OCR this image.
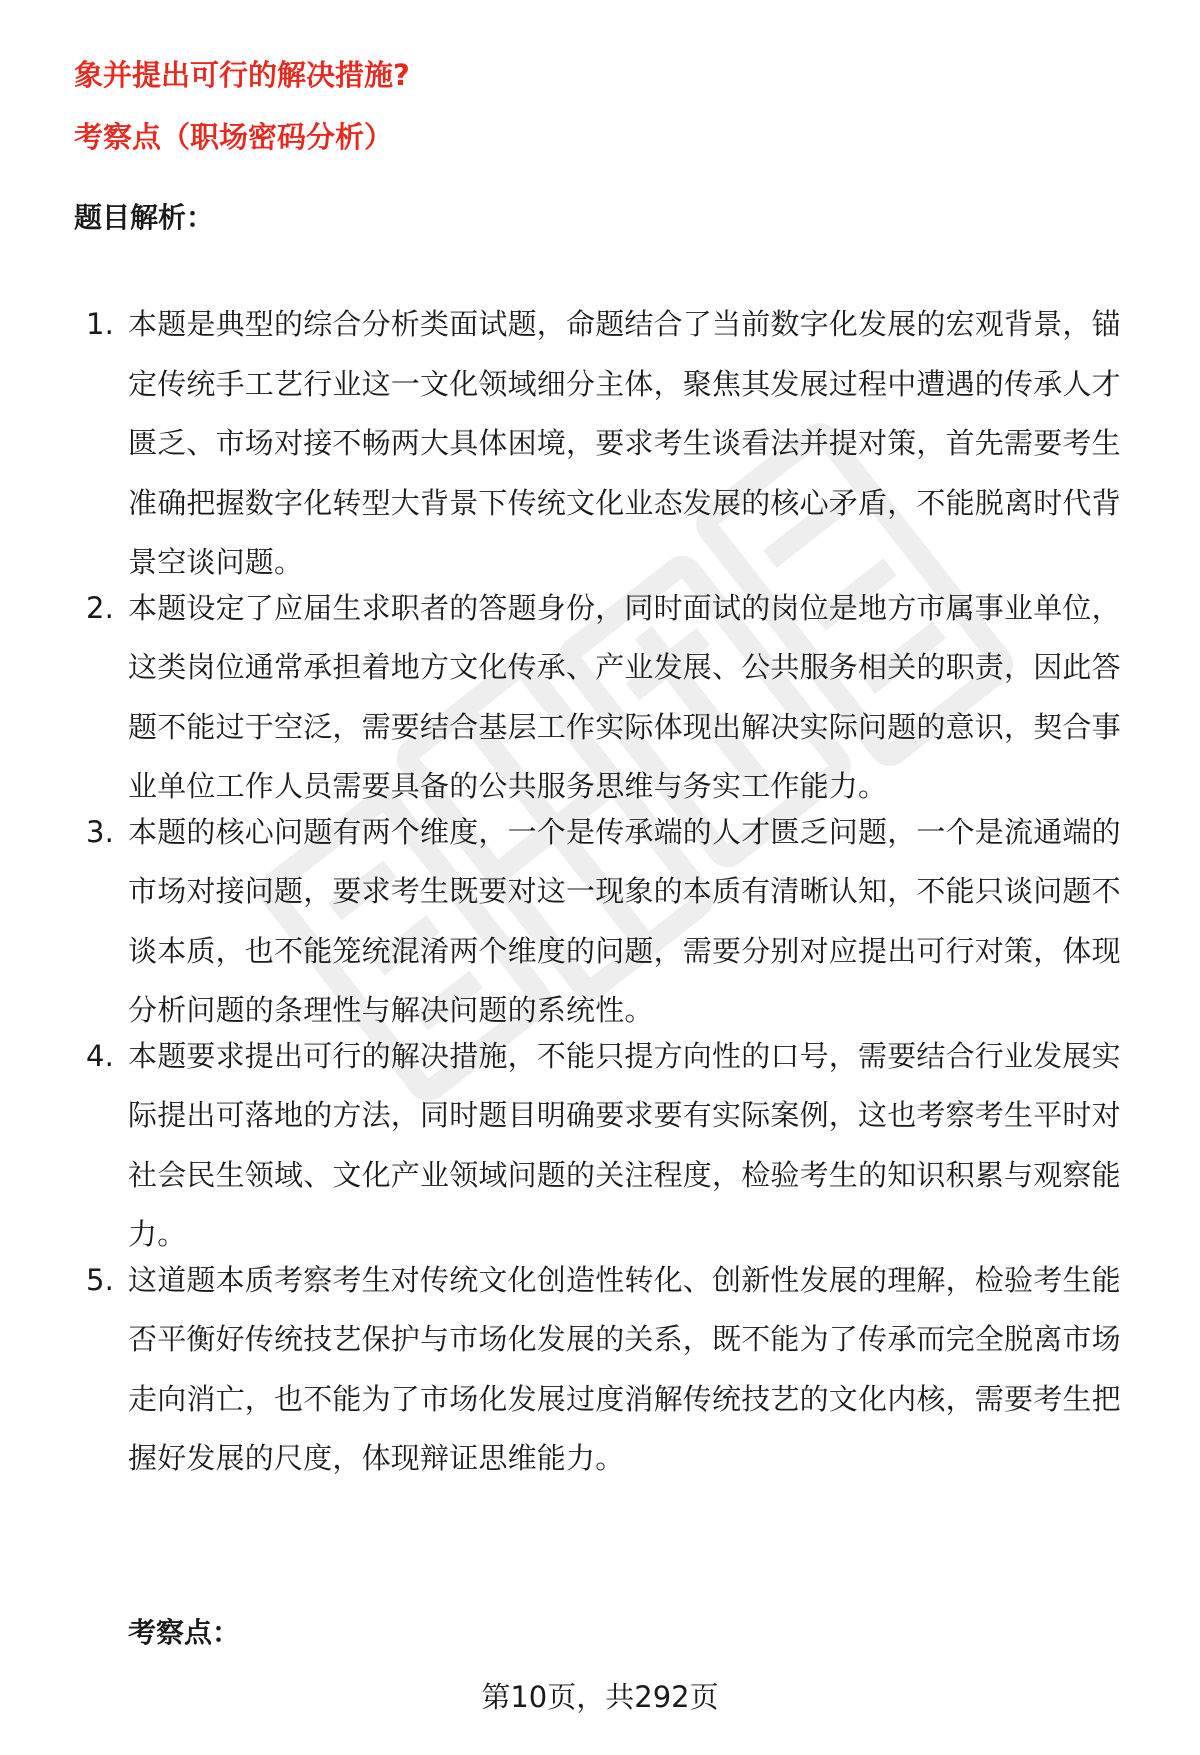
象并提出可行的解决措施?
考察点（职场密码分析）
题目解析：
1. 本题是典型的综合分析类面试题，命题结合了当前数字化发展的宏观背景，锚定传统手工艺行业这一文化领域细分主体，聚焦其发展过程中遭遇的传承人才匮乏、市场对接不畅两大具体困境，要求考生谈看法并提对策，首先需要考生准确把握数字化转型大背景下传统文化业态发展的核心矛盾，不能脱离时代背景空谈问题。
2. 本题设定了应届生求职者的答题身份，同时面试的岗位是地方市属事业单位，这类岗位通常承担着地方文化传承、产业发展、公共服务相关的职责，因此答题不能过于空泛，需要结合基层工作实际体现出解决实际问题的意识，契合事业单位工作人员需要具备的公共服务思维与务实工作能力。
3. 本题的核心问题有两个维度，一个是传承端的人才匮乏问题，一个是流通端的市场对接问题，要求考生既要对这一现象的本质有清晰认知，不能只谈问题不谈本质，也不能笼统混淆两个维度的问题，需要分别对应提出可行对策，体现分析问题的条理性与解决问题的系统性。
4. 本题要求提出可行的解决措施，不能只提方向性的口号，需要结合行业发展实际提出可落地的方法，同时题目明确要求要有实际案例，这也考察考生平时对社会民生领域、文化产业领域问题的关注程度，检验考生的知识积累与观察能力。
5. 这道题本质考察考生对传统文化创造性转化、创新性发展的理解，检验考生能否平衡好传统技艺保护与市场化发展的关系，既不能为了传承而完全脱离市场走向消亡，也不能为了市场化发展过度消解传统技艺的文化内核，需要考生把握好发展的尺度，体现辩证思维能力。
考察点：
第10页，共292页
